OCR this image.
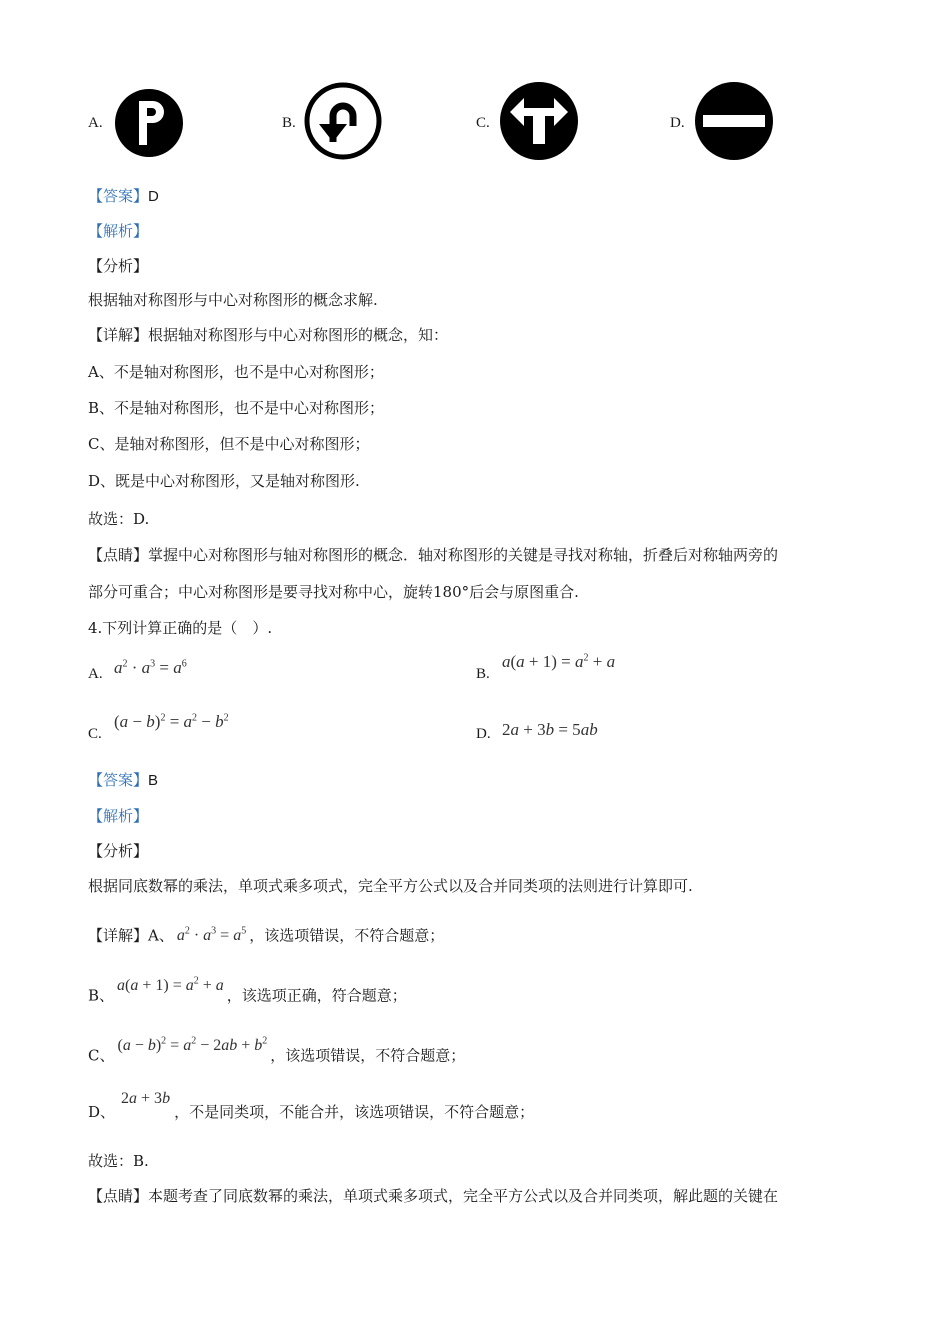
A.	B.	C.	D.
【答案】D
【解析】
【分析】
根据轴对称图形与中心对称图形的概念求解.
【详解】根据轴对称图形与中心对称图形的概念，知：
A、不是轴对称图形，也不是中心对称图形；
B、不是轴对称图形，也不是中心对称图形；
C、是轴对称图形，但不是中心对称图形；
D、既是中心对称图形，又是轴对称图形.
故选：D.
【点睛】掌握中心对称图形与轴对称图形的概念．轴对称图形的关键是寻找对称轴，折叠后对称轴两旁的
部分可重合；中心对称图形是要寻找对称中心，旋转180°后会与原图重合.
4.下列计算正确的是（　）.
A. $a^2 \cdot a^3 = a^6$
B.
$a(a + 1) = a^2 + a$
C.
$(a - b)^2 = a^2 - b^2$
D. 2a + 3b = 5ab
【答案】B
【解析】
【分析】
根据同底数幂的乘法，单项式乘多项式，完全平方公式以及合并同类项的法则进行计算即可.
【详解】A、 $a^2 \cdot a^3 = a^5$ ，该选项错误，不符合题意；
B、$a(a + 1) = a^2 + a$，该选项正确，符合题意；
C、$(a - b)^2 = a^2 - 2ab + b^2$，该选项错误，不符合题意；
D、2a + 3b，不是同类项，不能合并，该选项错误，不符合题意；
故选：B.
【点睛】本题考查了同底数幂的乘法，单项式乘多项式，完全平方公式以及合并同类项，解此题的关键在
